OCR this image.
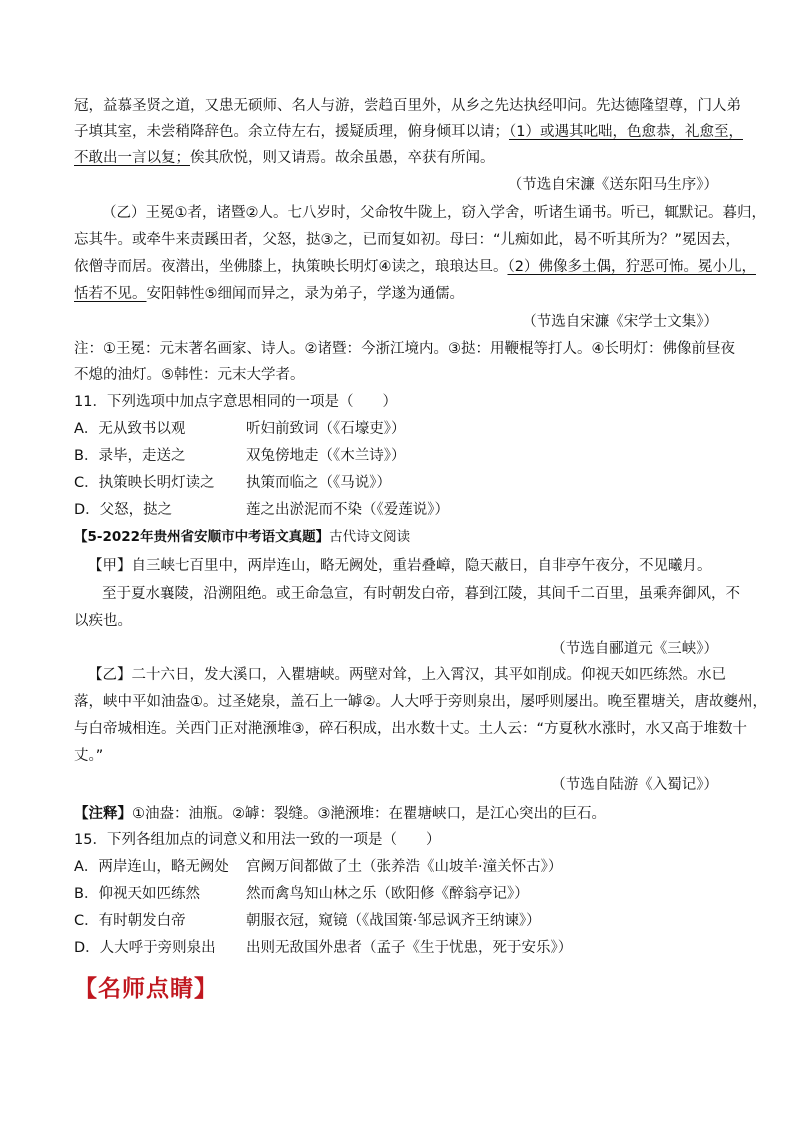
冠，益慕圣贤之道，又患无硕师、名人与游，尝趋百里外，从乡之先达执经叩问。先达德隆望尊，门人弟
子填其室，未尝稍降辞色。余立侍左右，援疑质理，俯身倾耳以请；（1）或遇其叱咄，色愈恭，礼愈至，
不敢出一言以复；俟其欣悦，则又请焉。故余虽愚，卒获有所闻。
（节选自宋濂《送东阳马生序》）
（乙）王冕①者，诸暨②人。七八岁时，父命牧牛陇上，窃入学舍，听诸生诵书。听已，辄默记。暮归，
忘其牛。或牵牛来责蹊田者，父怒，挞③之，已而复如初。母曰：“儿痴如此，曷不听其所为？”冕因去，
依僧寺而居。夜潜出，坐佛膝上，执策映长明灯④读之，琅琅达旦。（2）佛像多土偶，狞恶可怖。冕小儿，
恬若不见。安阳韩性⑤细闻而异之，录为弟子，学遂为通儒。
（节选自宋濂《宋学士文集》）
注：①王冕：元末著名画家、诗人。②诸暨：今浙江境内。③挞：用鞭棍等打人。④长明灯：佛像前昼夜
不熄的油灯。⑤韩性：元末大学者。
11．下列选项中加点字意思相同的一项是（　　）
A．无从致书以观	听妇前致词（《石壕吏》）
B．录毕，走送之	双兔傍地走（《木兰诗》）
C．执策映长明灯读之 执策而临之（《马说》）
D．父怒，挞之	莲之出淤泥而不染（《爱莲说》）
【5-2022年贵州省安顺市中考语文真题】古代诗文阅读
【甲】自三峡七百里中，两岸连山，略无阙处，重岩叠嶂，隐天蔽日，自非亭午夜分，不见曦月。
至于夏水襄陵，沿溯阻绝。或王命急宣，有时朝发白帝，暮到江陵，其间千二百里，虽乘奔御风，不
以疾也。
（节选自郦道元《三峡》）
【乙】二十六日，发大溪口，入瞿塘峡。两壁对耸，上入霄汉，其平如削成。仰视天如匹练然。水已
落，峡中平如油盎①。过圣姥泉，盖石上一罅②。人大呼于旁则泉出，屡呼则屡出。晚至瞿塘关，唐故夔州，
与白帝城相连。关西门正对滟滪堆③，碎石积成，出水数十丈。土人云：“方夏秋水涨时，水又高于堆数十
丈。”
（节选自陆游《入蜀记》）
【注释】①油盎：油瓶。②罅：裂缝。③滟滪堆：在瞿塘峡口，是江心突出的巨石。
15．下列各组加点的词意义和用法一致的一项是（　　）
A．两岸连山，略无阙处 宫阙万间都做了土（张养浩《山坡羊·潼关怀古》）
B．仰视天如匹练然	然而禽鸟知山林之乐（欧阳修《醉翁亭记》）
C．有时朝发白帝	朝服衣冠，窥镜（《战国策·邹忌讽齐王纳谏》）
D．人大呼于旁则泉出 出则无敌国外患者（孟子《生于忧患，死于安乐》）
【名师点睛】
